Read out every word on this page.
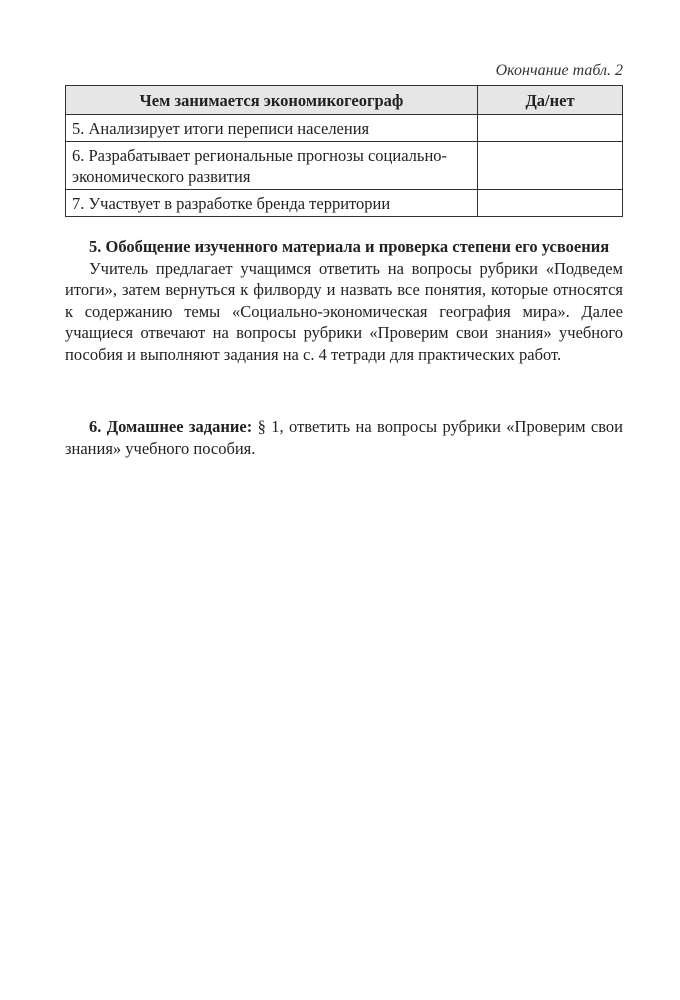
Окончание табл. 2
Чем занимается экономикогеограф	Да/нет
5. Анализирует итоги переписи населения	
6. Разрабатывает региональные прогнозы социально-экономического развития	
7. Участвует в разработке бренда территории	
5. Обобщение изученного материала и проверка степени его усвоения
Учитель предлагает учащимся ответить на вопросы рубрики «Подведем итоги», затем вернуться к филворду и назвать все понятия, которые относятся к содержанию темы «Социально-экономическая география мира». Далее учащиеся отвечают на вопросы рубрики «Проверим свои знания» учебного пособия и выполняют задания на с. 4 тетради для практических работ.
6. Домашнее задание: § 1, ответить на вопросы рубрики «Проверим свои знания» учебного пособия.
